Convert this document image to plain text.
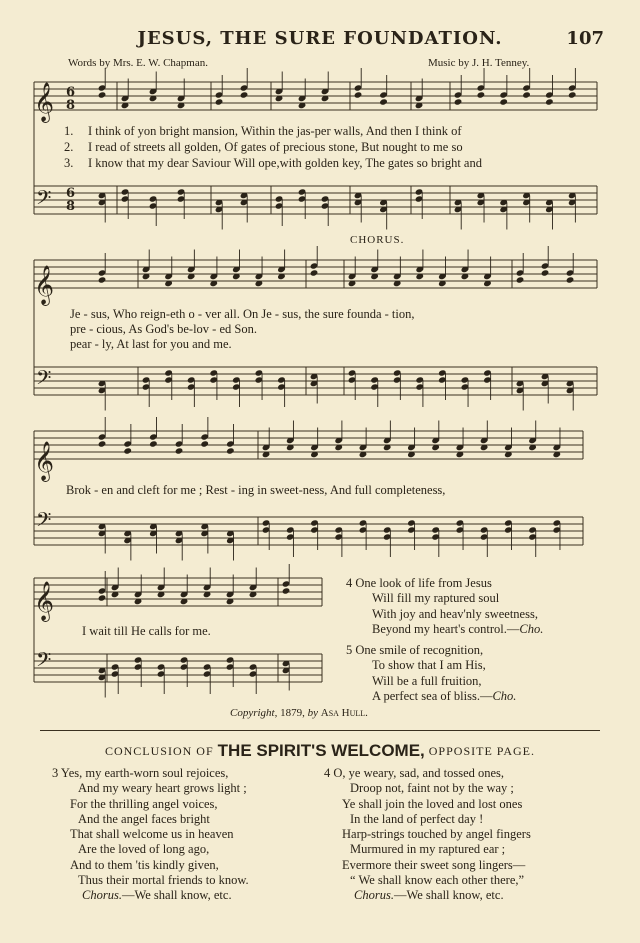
JESUS, THE SURE FOUNDATION.	107
Words by Mrs. E. W. Chapman.	Music by J. H. Tenney.
𝄞
𝄢
6
8
6
8
𝄞
𝄢
𝄞
𝄢
𝄞
𝄢
1. I think of yon bright mansion, Within the jas-per walls, And then I think of
2. I read of streets all golden, Of gates of precious stone, But nought to me so
3. I know that my dear Saviour Will ope,with golden key, The gates so bright and
CHORUS.
Je - sus, Who reign-eth o - ver all. On Je - sus, the sure founda - tion,
pre - cious, As God's be-lov - ed Son.
pear - ly, At last for you and me.
Brok - en and cleft for me ; Rest - ing in sweet-ness, And full completeness,
I wait till He calls for me.
4 One look of life from Jesus
Will fill my raptured soul
With joy and heav'nly sweetness,
Beyond my heart's control.—Cho.
5 One smile of recognition,
To show that I am His,
Will be a full fruition,
A perfect sea of bliss.—Cho.
Copyright, 1879, by Asa Hull.
CONCLUSION OF THE SPIRIT'S WELCOME, OPPOSITE PAGE.
3 Yes, my earth-worn soul rejoices,
And my weary heart grows light ;
For the thrilling angel voices,
And the angel faces bright
That shall welcome us in heaven
Are the loved of long ago,
And to them 'tis kindly given,
Thus their mortal friends to know.
Chorus.—We shall know, etc.
4 O, ye weary, sad, and tossed ones,
Droop not, faint not by the way ;
Ye shall join the loved and lost ones
In the land of perfect day !
Harp-strings touched by angel fingers
Murmured in my raptured ear ;
Evermore their sweet song lingers—
“ We shall know each other there,”
Chorus.—We shall know, etc.
